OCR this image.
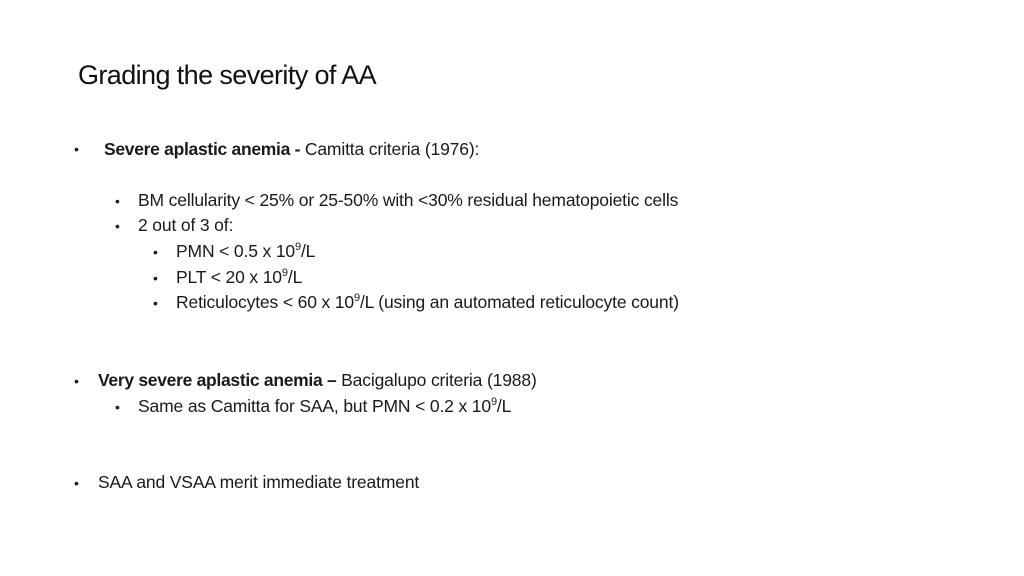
Grading the severity of AA
• Severe aplastic anemia - Camitta criteria (1976):
• BM cellularity < 25% or 25-50% with <30% residual hematopoietic cells
• 2 out of 3 of:
• PMN < 0.5 x $10^9/L$
• PLT < 20 x $10^9/L$
• Reticulocytes < 60 x $10^9/L$ (using an automated reticulocyte count)
• Very severe aplastic anemia – Bacigalupo criteria (1988)
• Same as Camitta for SAA, but PMN < 0.2 x $10^9/L$
• SAA and VSAA merit immediate treatment
